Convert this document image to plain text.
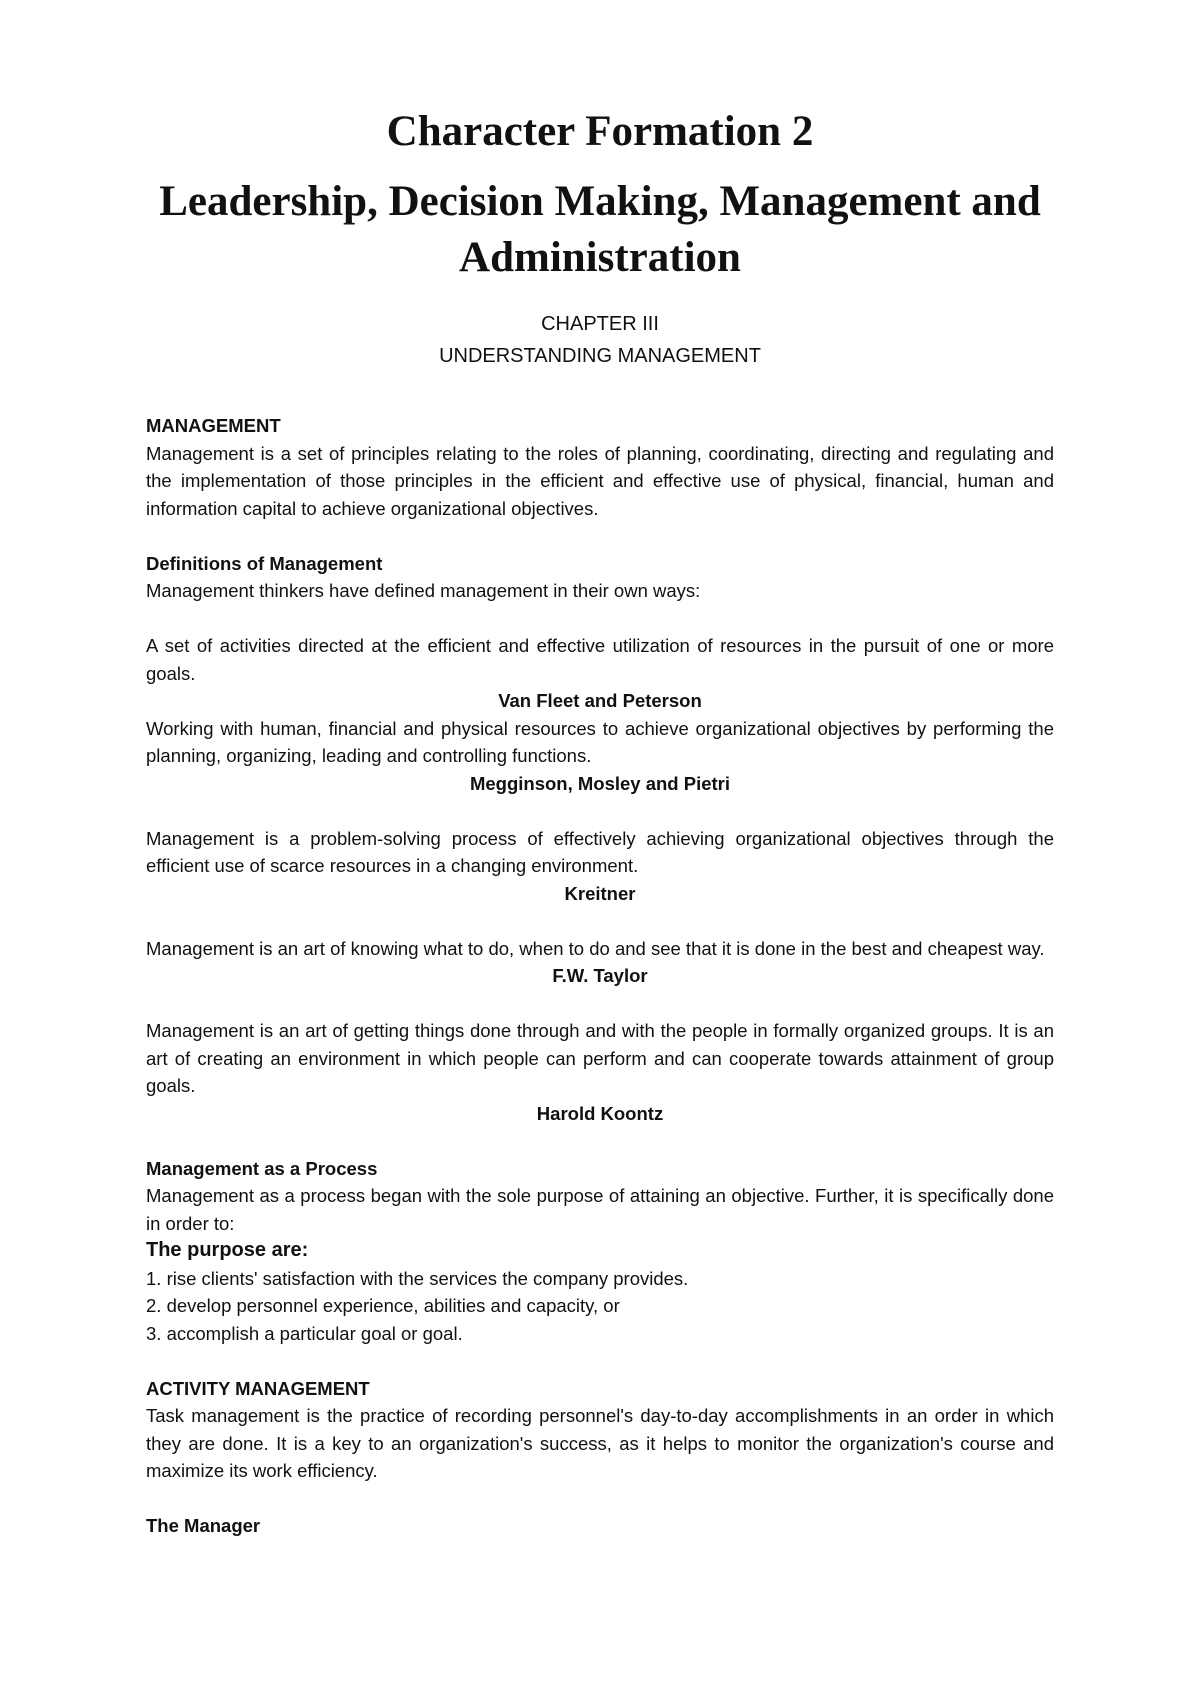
Character Formation 2
Leadership, Decision Making, Management and Administration
CHAPTER III
UNDERSTANDING MANAGEMENT

MANAGEMENT

Management is a set of principles relating to the roles of planning, coordinating, directing and regulating and the implementation of those principles in the efficient and effective use of physical, financial, human and information capital to achieve organizational objectives.

Definitions of Management

Management thinkers have defined management in their own ways:

A set of activities directed at the efficient and effective utilization of resources in the pursuit of one or more goals.

Van Fleet and Peterson

Working with human, financial and physical resources to achieve organizational objectives by performing the planning, organizing, leading and controlling functions.

Megginson, Mosley and Pietri

Management is a problem-solving process of effectively achieving organizational objectives through the efficient use of scarce resources in a changing environment.

Kreitner

Management is an art of knowing what to do, when to do and see that it is done in the best and cheapest way.

F.W. Taylor

Management is an art of getting things done through and with the people in formally organized groups. It is an art of creating an environment in which people can perform and can cooperate towards attainment of group goals.

Harold Koontz

Management as a Process

Management as a process began with the sole purpose of attaining an objective. Further, it is specifically done in order to:

The purpose are:

1. rise clients' satisfaction with the services the company provides.
2. develop personnel experience, abilities and capacity, or
3. accomplish a particular goal or goal.

ACTIVITY MANAGEMENT

Task management is the practice of recording personnel's day-to-day accomplishments in an order in which they are done. It is a key to an organization's success, as it helps to monitor the organization's course and maximize its work efficiency.

The Manager
